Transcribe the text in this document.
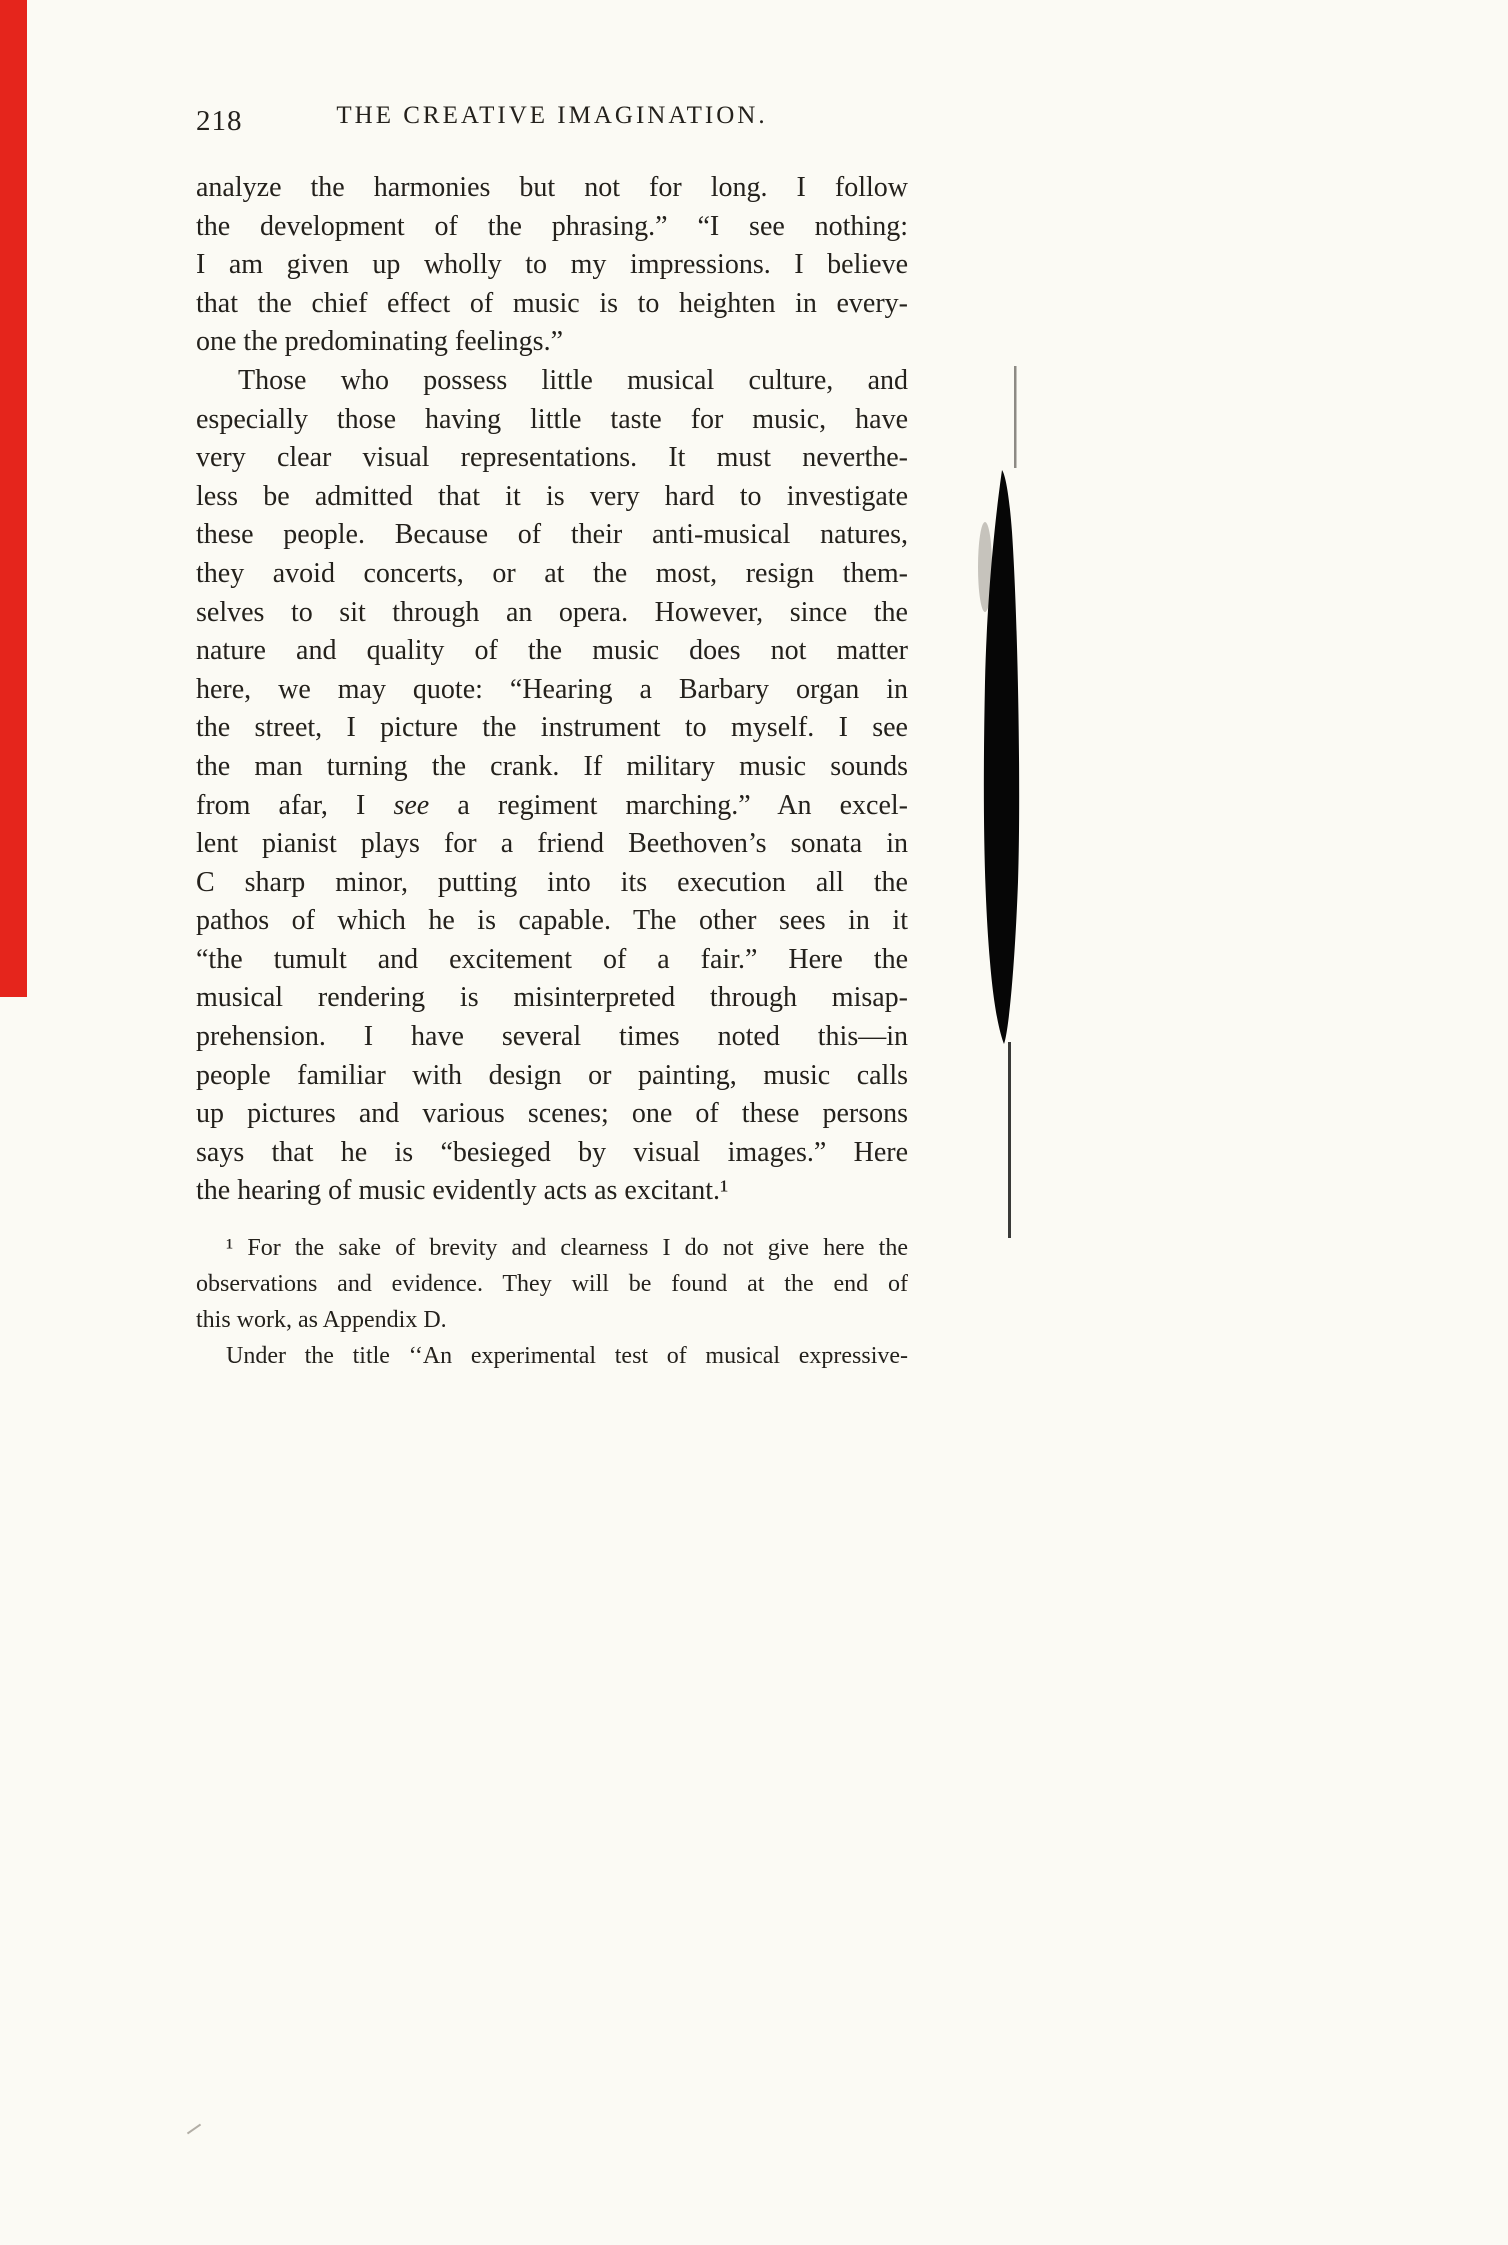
218	THE CREATIVE IMAGINATION.
analyze the harmonies but not for long. I follow
the development of the phrasing.” “I see nothing:
I am given up wholly to my impressions. I believe
that the chief effect of music is to heighten in every-
one the predominating feelings.”
Those who possess little musical culture, and
especially those having little taste for music, have
very clear visual representations. It must neverthe-
less be admitted that it is very hard to investigate
these people. Because of their anti-musical natures,
they avoid concerts, or at the most, resign them-
selves to sit through an opera. However, since the
nature and quality of the music does not matter
here, we may quote: “Hearing a Barbary organ in
the street, I picture the instrument to myself. I see
the man turning the crank. If military music sounds
from afar, I see a regiment marching.” An excel-
lent pianist plays for a friend Beethoven’s sonata in
C sharp minor, putting into its execution all the
pathos of which he is capable. The other sees in it
“the tumult and excitement of a fair.” Here the
musical rendering is misinterpreted through misap-
prehension. I have several times noted this—in
people familiar with design or painting, music calls
up pictures and various scenes; one of these persons
says that he is “besieged by visual images.” Here
the hearing of music evidently acts as excitant.¹
¹ For the sake of brevity and clearness I do not give here the
observations and evidence. They will be found at the end of
this work, as Appendix D.
Under the title ‘‘An experimental test of musical expressive-
